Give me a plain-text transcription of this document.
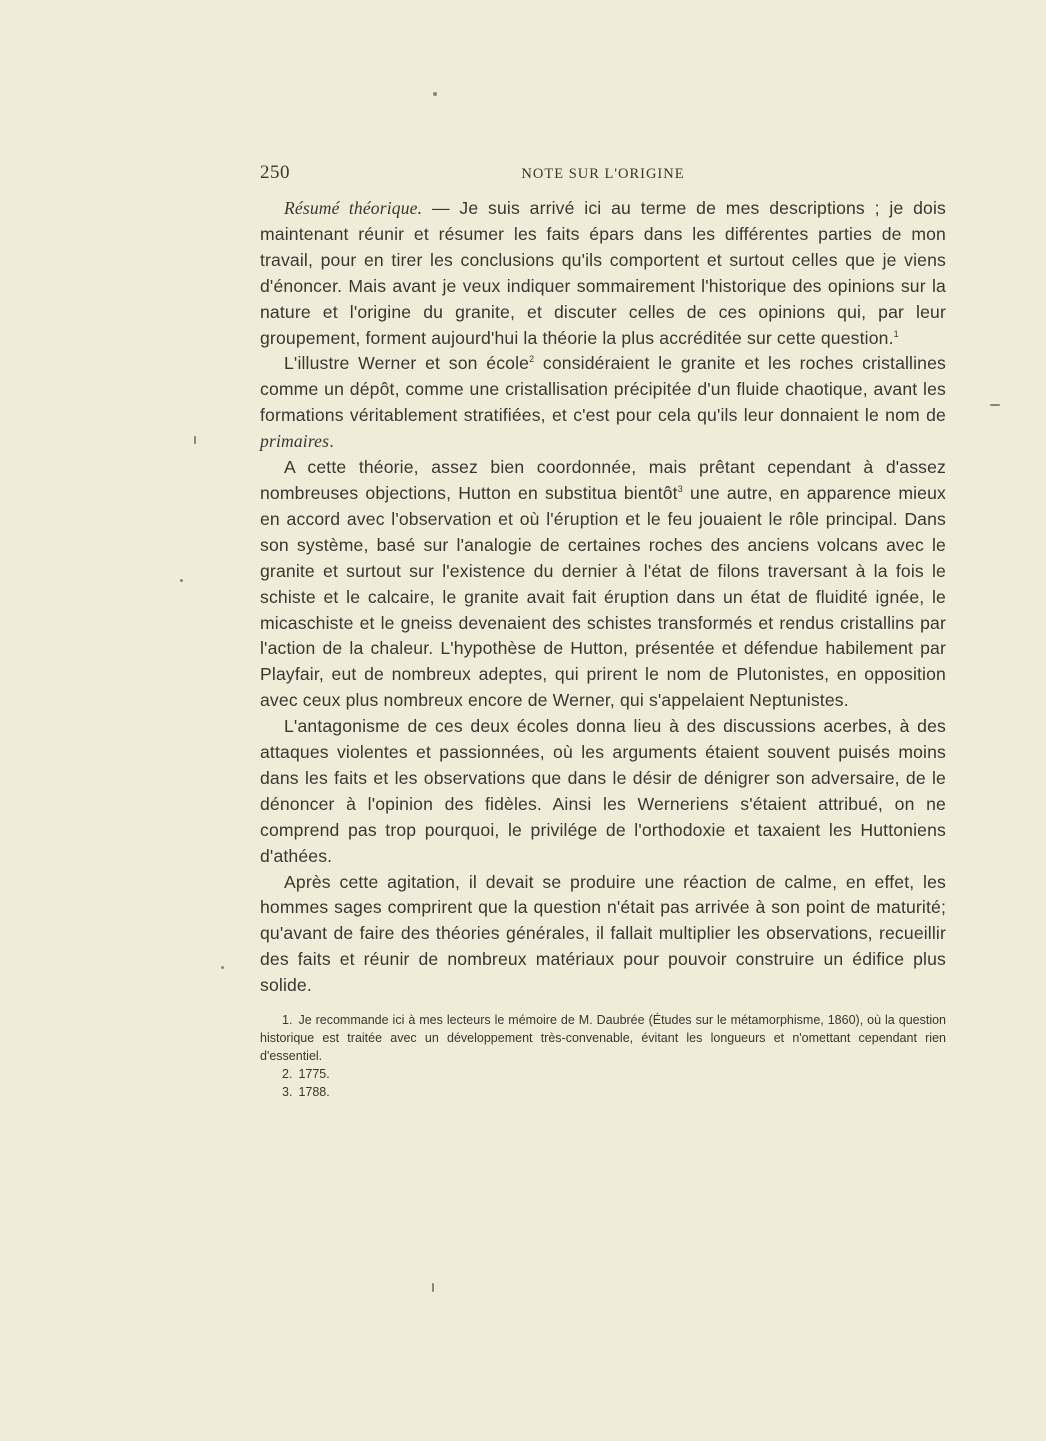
250	NOTE SUR L'ORIGINE

Résumé théorique. — Je suis arrivé ici au terme de mes descriptions ; je dois maintenant réunir et résumer les faits épars dans les différentes parties de mon travail, pour en tirer les conclusions qu'ils comportent et surtout celles que je viens d'énoncer. Mais avant je veux indiquer sommairement l'historique des opinions sur la nature et l'origine du granite, et discuter celles de ces opinions qui, par leur groupement, forment aujourd'hui la théorie la plus accréditée sur cette question.$^1$

L'illustre Werner et son école$^2$ considéraient le granite et les roches cristallines comme un dépôt, comme une cristallisation précipitée d'un fluide chaotique, avant les formations véritablement stratifiées, et c'est pour cela qu'ils leur donnaient le nom de primaires.

A cette théorie, assez bien coordonnée, mais prêtant cependant à d'assez nombreuses objections, Hutton en substitua bientôt$^3$ une autre, en apparence mieux en accord avec l'observation et où l'éruption et le feu jouaient le rôle principal. Dans son système, basé sur l'analogie de certaines roches des anciens volcans avec le granite et surtout sur l'existence du dernier à l'état de filons traversant à la fois le schiste et le calcaire, le granite avait fait éruption dans un état de fluidité ignée, le micaschiste et le gneiss devenaient des schistes transformés et rendus cristallins par l'action de la chaleur. L'hypothèse de Hutton, présentée et défendue habilement par Playfair, eut de nombreux adeptes, qui prirent le nom de Plutonistes, en opposition avec ceux plus nombreux encore de Werner, qui s'appelaient Neptunistes.

L'antagonisme de ces deux écoles donna lieu à des discussions acerbes, à des attaques violentes et passionnées, où les arguments étaient souvent puisés moins dans les faits et les observations que dans le désir de dénigrer son adversaire, de le dénoncer à l'opinion des fidèles. Ainsi les Werneriens s'étaient attribué, on ne comprend pas trop pourquoi, le privilége de l'orthodoxie et taxaient les Huttoniens d'athées.

Après cette agitation, il devait se produire une réaction de calme, en effet, les hommes sages comprirent que la question n'était pas arrivée à son point de maturité; qu'avant de faire des théories générales, il fallait multiplier les observations, recueillir des faits et réunir de nombreux matériaux pour pouvoir construire un édifice plus solide.

1. Je recommande ici à mes lecteurs le mémoire de M. Daubrée (Études sur le métamorphisme, 1860), où la question historique est traitée avec un développement très-convenable, évitant les longueurs et n'omettant cependant rien d'essentiel.

2. 1775.

3. 1788.
